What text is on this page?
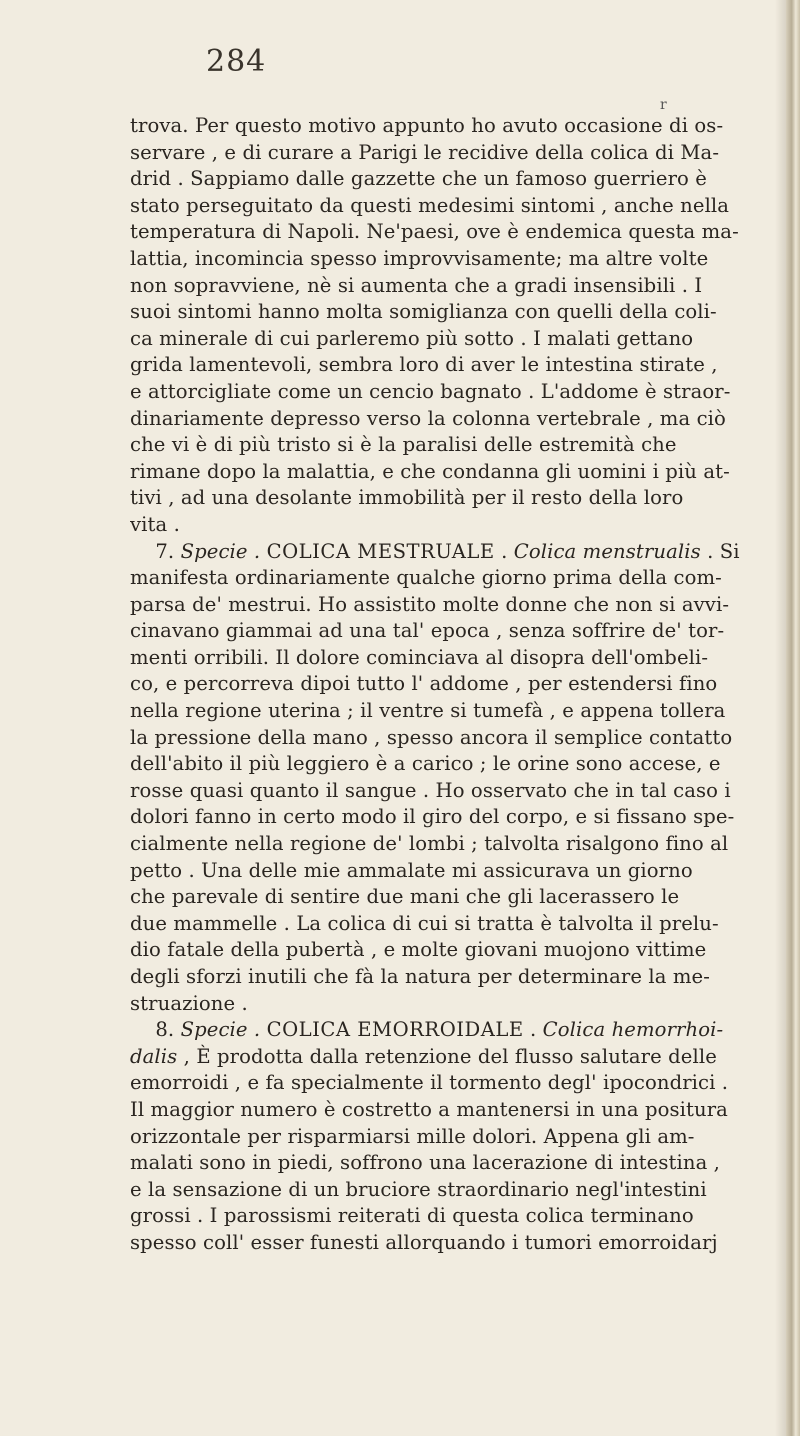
284
r
trova. Per questo motivo appunto ho avuto occasione di os-
servare , e di curare a Parigi le recidive della colica di Ma-
drid . Sappiamo dalle gazzette che un famoso guerriero è
stato perseguitato da questi medesimi sintomi , anche nella
temperatura di Napoli. Ne'paesi, ove è endemica questa ma-
lattia, incomincia spesso improvvisamente; ma altre volte
non sopravviene, nè si aumenta che a gradi insensibili . I
suoi sintomi hanno molta somiglianza con quelli della coli-
ca minerale di cui parleremo più sotto . I malati gettano
grida lamentevoli, sembra loro di aver le intestina stirate ,
e attorcigliate come un cencio bagnato . L'addome è straor-
dinariamente depresso verso la colonna vertebrale , ma ciò
che vi è di più tristo si è la paralisi delle estremità che
rimane dopo la malattia, e che condanna gli uomini i più at-
tivi , ad una desolante immobilità per il resto della loro
vita .
7. Specie . COLICA MESTRUALE . Colica menstrualis . Si
manifesta ordinariamente qualche giorno prima della com-
parsa de' mestrui. Ho assistito molte donne che non si avvi-
cinavano giammai ad una tal' epoca , senza soffrire de' tor-
menti orribili. Il dolore cominciava al disopra dell'ombeli-
co, e percorreva dipoi tutto l' addome , per estendersi fino
nella regione uterina ; il ventre si tumefà , e appena tollera
la pressione della mano , spesso ancora il semplice contatto
dell'abito il più leggiero è a carico ; le orine sono accese, e
rosse quasi quanto il sangue . Ho osservato che in tal caso i
dolori fanno in certo modo il giro del corpo, e si fissano spe-
cialmente nella regione de' lombi ; talvolta risalgono fino al
petto . Una delle mie ammalate mi assicurava un giorno
che parevale di sentire due mani che gli lacerassero le
due mammelle . La colica di cui si tratta è talvolta il prelu-
dio fatale della pubertà , e molte giovani muojono vittime
degli sforzi inutili che fà la natura per determinare la me-
struazione .
8. Specie . COLICA EMORROIDALE . Colica hemorrhoi-
dalis , È prodotta dalla retenzione del flusso salutare delle
emorroidi , e fa specialmente il tormento degl' ipocondrici .
Il maggior numero è costretto a mantenersi in una positura
orizzontale per risparmiarsi mille dolori. Appena gli am-
malati sono in piedi, soffrono una lacerazione di intestina ,
e la sensazione di un bruciore straordinario negl'intestini
grossi . I parossismi reiterati di questa colica terminano
spesso coll' esser funesti allorquando i tumori emorroidarj
